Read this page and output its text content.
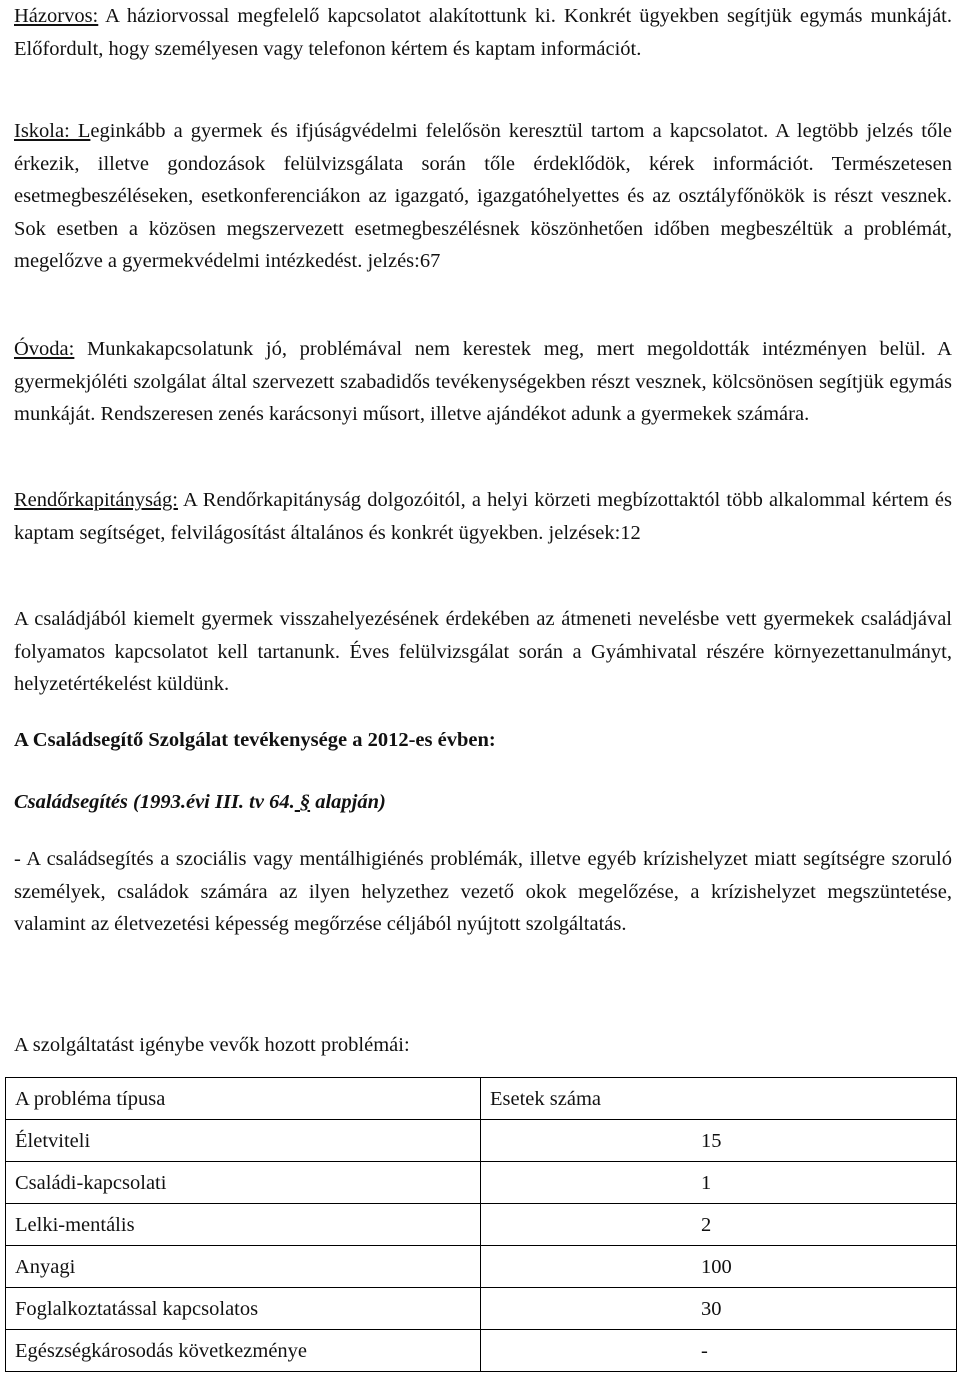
Házorvos: A háziorvossal megfelelő kapcsolatot alakítottunk ki. Konkrét ügyekben segítjük egymás munkáját. Előfordult, hogy személyesen vagy telefonon kértem és kaptam információt.

Iskola: Leginkább a gyermek és ifjúságvédelmi felelősön keresztül tartom a kapcsolatot. A legtöbb jelzés tőle érkezik, illetve gondozások felülvizsgálata során tőle érdeklődök, kérek információt. Természetesen esetmegbeszéléseken, esetkonferenciákon az igazgató, igazgatóhelyettes és az osztályfőnökök is részt vesznek. Sok esetben a közösen megszervezett esetmegbeszélésnek köszönhetően időben megbeszéltük a problémát, megelőzve a gyermekvédelmi intézkedést. jelzés:67

Óvoda: Munkakapcsolatunk jó, problémával nem kerestek meg, mert megoldották intézményen belül. A gyermekjóléti szolgálat által szervezett szabadidős tevékenységekben részt vesznek, kölcsönösen segítjük egymás munkáját. Rendszeresen zenés karácsonyi műsort, illetve ajándékot adunk a gyermekek számára.

Rendőrkapitányság: A Rendőrkapitányság dolgozóitól, a helyi körzeti megbízottaktól több alkalommal kértem és kaptam segítséget, felvilágosítást általános és konkrét ügyekben. jelzések:12

A családjából kiemelt gyermek visszahelyezésének érdekében az átmeneti nevelésbe vett gyermekek családjával folyamatos kapcsolatot kell tartanunk. Éves felülvizsgálat során a Gyámhivatal részére környezettanulmányt, helyzetértékelést küldünk.

A Családsegítő Szolgálat tevékenysége a 2012-es évben:

Családsegítés (1993.évi III. tv 64. § alapján)

- A családsegítés a szociális vagy mentálhigiénés problémák, illetve egyéb krízishelyzet miatt segítségre szoruló személyek, családok számára az ilyen helyzethez vezető okok megelőzése, a krízishelyzet megszüntetése, valamint az életvezetési képesség megőrzése céljából nyújtott szolgáltatás.

A szolgáltatást igénybe vevők hozott problémái:

A probléma típusa	Esetek száma
Életviteli	15
Családi-kapcsolati	1
Lelki-mentális	2
Anyagi	100
Foglalkoztatással kapcsolatos	30
Egészségkárosodás következménye	-
